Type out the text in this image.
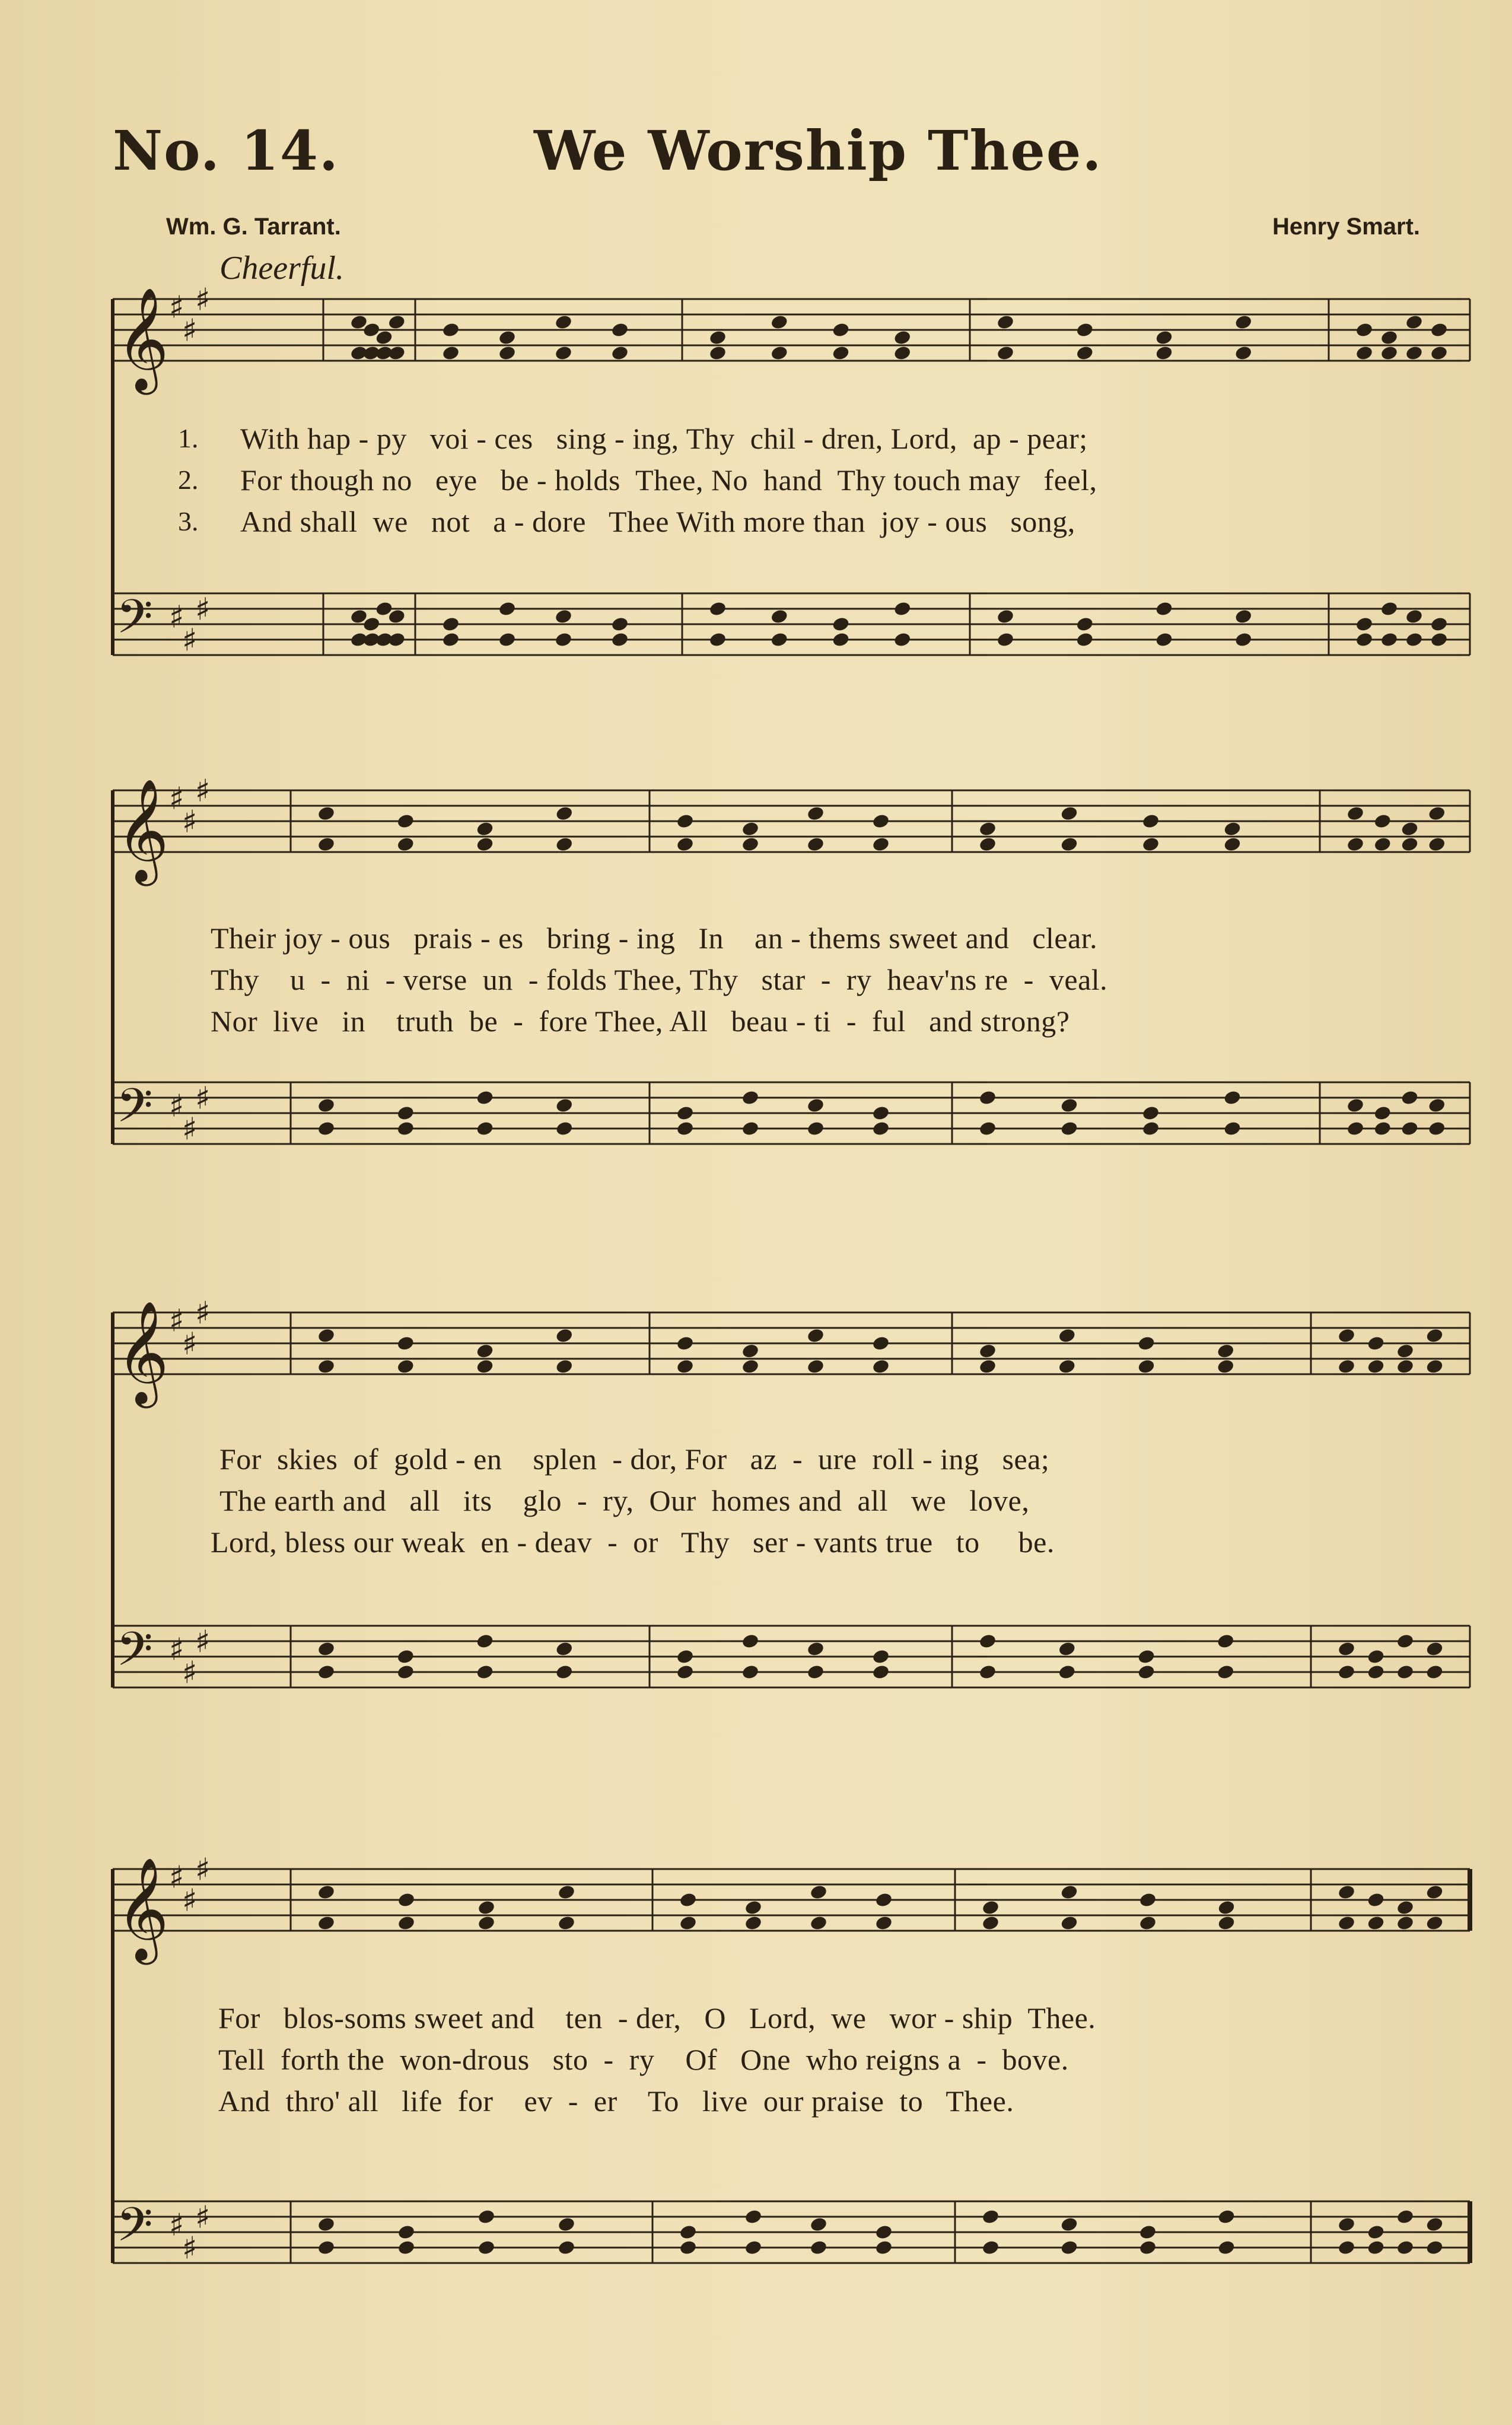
No. 14.	We Worship Thee.
Wm. G. Tarrant.	Henry Smart.
Cheerful.
𝄞 ♯
♯
♯
𝄢 ♯
♯
♯
𝄞 ♯
♯
♯
𝄢 ♯
♯
♯
𝄞 ♯
♯
♯
𝄢 ♯
♯
♯
𝄞 ♯
♯
♯
𝄢 ♯
♯
♯
1.
2.
3.
With hap - py   voi - ces   sing - ing, Thy  chil - dren, Lord,  ap - pear;
For though no   eye   be - holds  Thee, No  hand  Thy touch may   feel,
And shall  we   not   a - dore   Thee With more than  joy - ous   song,
Their joy - ous   prais - es   bring - ing   In    an - thems sweet and   clear.
Thy    u  -  ni  - verse  un  - folds Thee, Thy   star  -  ry  heav'ns re  -  veal.
Nor  live   in    truth  be  -  fore Thee, All   beau - ti  -  ful   and strong?
For  skies  of  gold - en    splen  - dor, For   az  -  ure  roll - ing   sea;
The earth and   all   its    glo  -  ry,  Our  homes and  all   we   love,
Lord, bless our weak  en - deav  -  or   Thy   ser - vants true   to     be.
For   blos-soms sweet and    ten  - der,   O   Lord,  we   wor - ship  Thee.
Tell  forth the  won-drous   sto  -  ry    Of   One  who reigns a  -  bove.
And  thro' all   life  for    ev  -  er    To   live  our praise  to   Thee.
